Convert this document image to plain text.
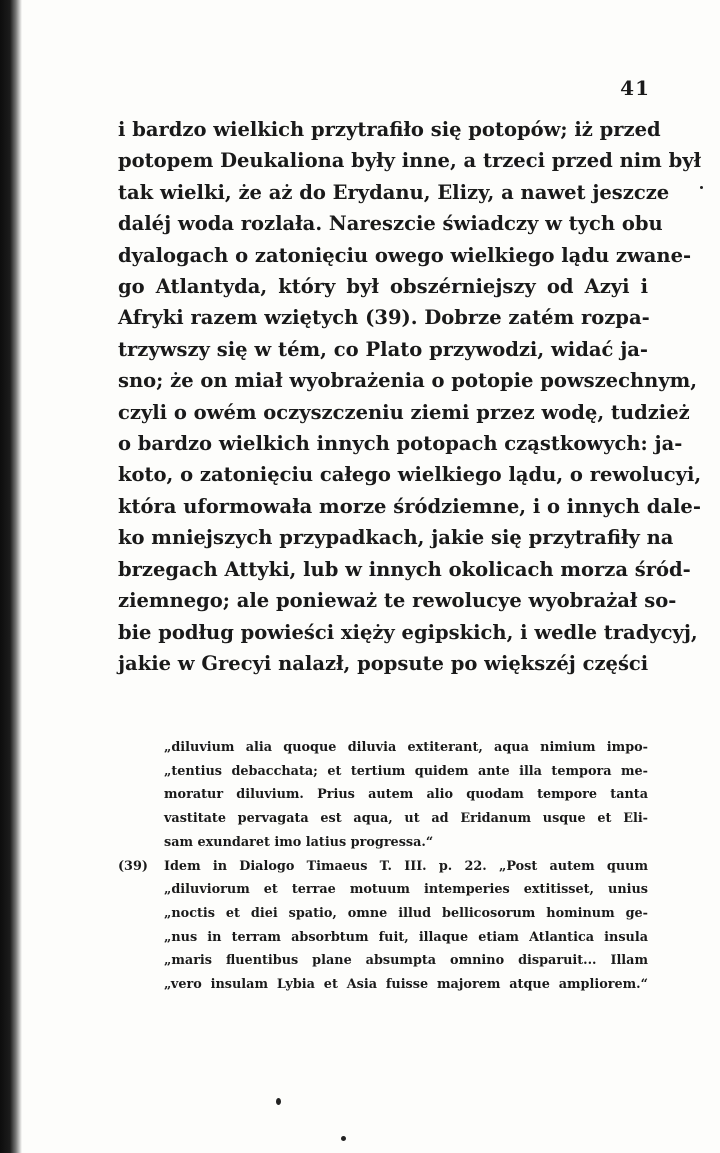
41
i bardzo wielkich przytrafiło się potopów; iż przed
potopem Deukaliona były inne, a trzeci przed nim był
tak wielki, że aż do Erydanu, Elizy, a nawet jeszcze
daléj woda rozlała. Nareszcie świadczy w tych obu
dyalogach o zatonięciu owego wielkiego lądu zwane-
go Atlantyda, który był obszérniejszy od Azyi i
Afryki razem wziętych (39). Dobrze zatém rozpa-
trzywszy się w tém, co Plato przywodzi, widać ja-
sno; że on miał wyobrażenia o potopie powszechnym,
czyli o owém oczyszczeniu ziemi przez wodę, tudzież
o bardzo wielkich innych potopach cząstkowych: ja-
koto, o zatonięciu całego wielkiego lądu, o rewolucyi,
która uformowała morze śródziemne, i o innych dale-
ko mniejszych przypadkach, jakie się przytrafiły na
brzegach Attyki, lub w innych okolicach morza śród-
ziemnego; ale ponieważ te rewolucye wyobrażał so-
bie podług powieści xięży egipskich, i wedle tradycyj,
jakie w Grecyi nalazł, popsute po większéj części
„diluvium alia quoque diluvia extiterant, aqua nimium impo-
„tentius debacchata; et tertium quidem ante illa tempora me-
moratur diluvium. Prius autem alio quodam tempore tanta
vastitate pervagata est aqua, ut ad Eridanum usque et Eli-
sam exundaret imo latius progressa.“
(39)	Idem in Dialogo Timaeus T. III. p. 22. „Post autem quum
„diluviorum et terrae motuum intemperies extitisset, unius
„noctis et diei spatio, omne illud bellicosorum hominum ge-
„nus in terram absorbtum fuit, illaque etiam Atlantica insula
„maris fluentibus plane absumpta omnino disparuit... Illam
„vero insulam Lybia et Asia fuisse majorem atque ampliorem.“
